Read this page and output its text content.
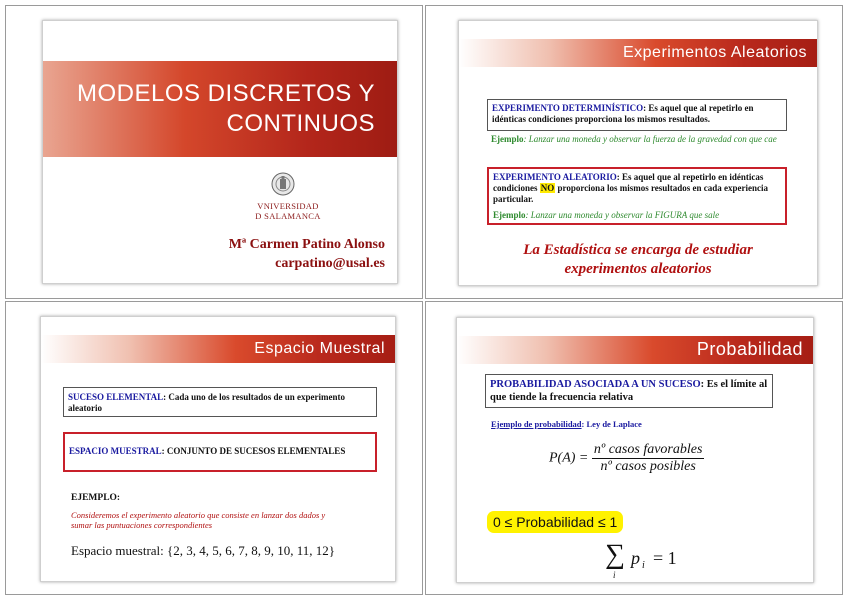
MODELOS DISCRETOS Y
CONTINUOS
VNIVERSIDAD
D SALAMANCA
Mª Carmen Patino Alonso
carpatino@usal.es
Experimentos Aleatorios
EXPERIMENTO DETERMINÍSTICO: Es aquel que al repetirlo en idénticas condiciones proporciona los mismos resultados.
Ejemplo: Lanzar una moneda y observar la fuerza de la gravedad con que cae
EXPERIMENTO ALEATORIO: Es aquel que al repetirlo en idénticas condiciones NO proporciona los mismos resultados en cada experiencia particular.
Ejemplo: Lanzar una moneda y observar la FIGURA que sale
La Estadística se encarga de estudiar
experimentos aleatorios
Espacio Muestral
SUCESO ELEMENTAL: Cada uno de los resultados de un experimento aleatorio
ESPACIO MUESTRAL: CONJUNTO DE SUCESOS ELEMENTALES
EJEMPLO:
Consideremos el experimento aleatorio que consiste en lanzar dos dados y sumar las puntuaciones correspondientes
Espacio muestral: {2, 3, 4, 5, 6, 7, 8, 9, 10, 11, 12}
Probabilidad
PROBABILIDAD ASOCIADA A UN SUCESO: Es el límite al que tiende la frecuencia relativa
Ejemplo de probabilidad: Ley de Laplace
$P(A) = \frac{\text{nº casos favorables}}{\text{nº casos posibles}}$
0 ≤ Probabilidad ≤ 1
∑
i
p i = 1
